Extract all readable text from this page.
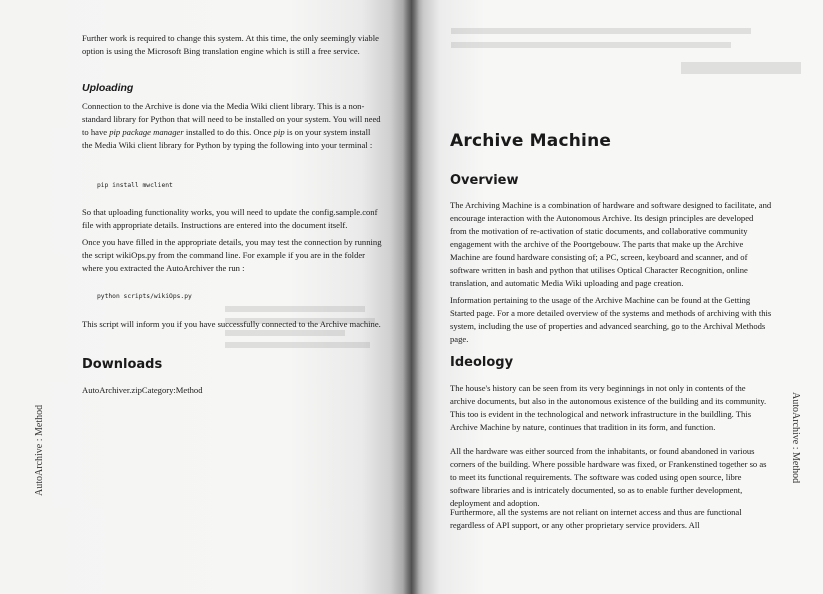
Further work is required to change this system. At this time, the only seemingly viable option is using the Microsoft Bing translation engine which is still a free service.

Uploading

Connection to the Archive is done via the Media Wiki client library. This is a non-standard library for Python that will need to be installed on your system. You will need to have pip package manager installed to do this. Once pip is on your system install the Media Wiki client library for Python by typing the following into your terminal :

pip install mwclient

So that uploading functionality works, you will need to update the config.sample.conf file with appropriate details. Instructions are entered into the document itself.

Once you have filled in the appropriate details, you may test the connection by running the script wikiOps.py from the command line. For example if you are in the folder where you extracted the AutoArchiver the run :

python scripts/wikiOps.py

This script will inform you if you have successfully connected to the Archive machine.

Downloads

AutoArchiver.zipCategory:Method

AutoArchive : Method
Archive Machine
Overview

The Archiving Machine is a combination of hardware and software designed to facilitate, and encourage interaction with the Autonomous Archive. Its design principles are developed from the motivation of re-activation of static documents, and collaborative community engagement with the archive of the Poortgebouw. The parts that make up the Archive Machine are found hardware consisting of; a PC, screen, keyboard and scanner, and of software written in bash and python that utilises Optical Character Recognition, online translation, and automatic Media Wiki uploading and page creation.

Information pertaining to the usage of the Archive Machine can be found at the Getting Started page. For a more detailed overview of the systems and methods of archiving with this system, including the use of properties and advanced searching, go to the Archival Methods page.

Ideology

The house's history can be seen from its very beginnings in not only in contents of the archive documents, but also in the autonomous existence of the building and its community. This too is evident in the technological and network infrastructure in the buildling. This Archive Machine by nature, continues that tradition in its form, and function.

All the hardware was either sourced from the inhabitants, or found abandoned in various corners of the building. Where possible hardware was fixed, or Frankenstined together so as to meet its functional requirements. The software was coded using open source, libre software libraries and is intricately documented, so as to enable further development, deployment and adoption.

Furthermore, all the systems are not reliant on internet access and thus are functional regardless of API support, or any other proprietary service providers. All

AutoArchive : Method
